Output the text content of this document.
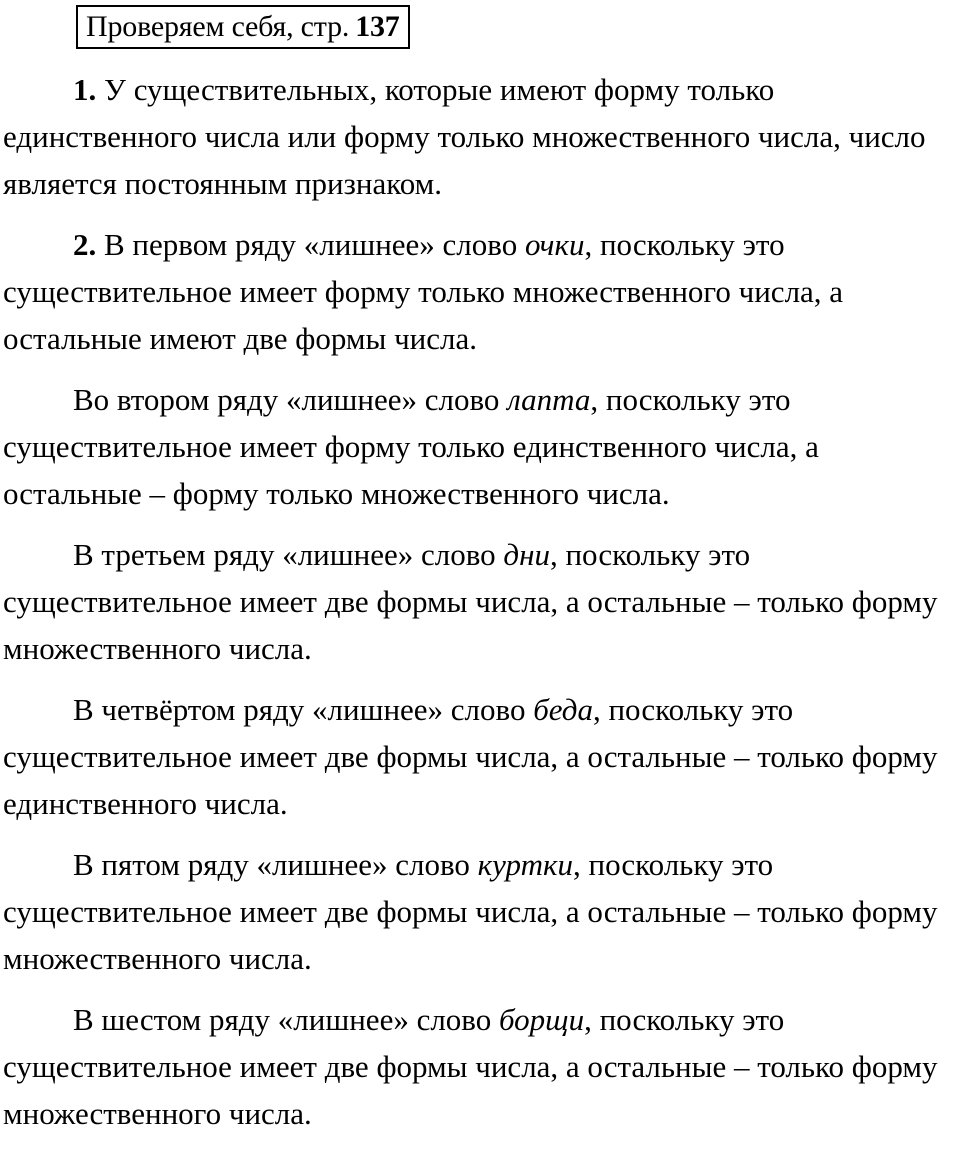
Проверяем себя, стр. 137

1. У существительных, которые имеют форму только единственного числа или форму только множественного числа, число является постоянным признаком.

2. В первом ряду «лишнее» слово очки, поскольку это существительное имеет форму только множественного числа, а остальные имеют две формы числа.

Во втором ряду «лишнее» слово лапта, поскольку это существительное имеет форму только единственного числа, а остальные – форму только множественного числа.

В третьем ряду «лишнее» слово дни, поскольку это существительное имеет две формы числа, а остальные – только форму множественного числа.

В четвёртом ряду «лишнее» слово беда, поскольку это существительное имеет две формы числа, а остальные – только форму единственного числа.

В пятом ряду «лишнее» слово куртки, поскольку это существительное имеет две формы числа, а остальные – только форму множественного числа.

В шестом ряду «лишнее» слово борщи, поскольку это существительное имеет две формы числа, а остальные – только форму множественного числа.
